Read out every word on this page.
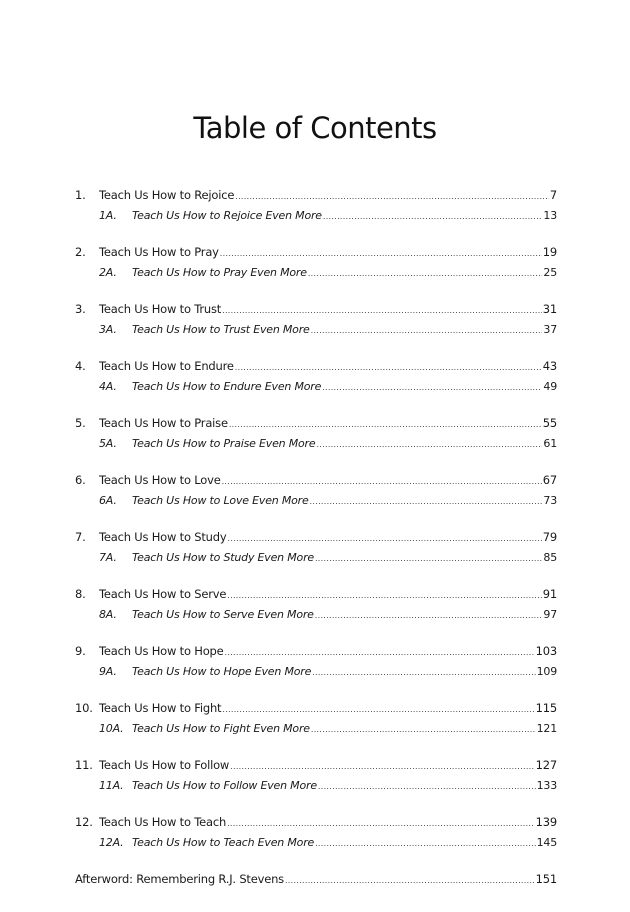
Table of Contents
1.	Teach Us How to Rejoice .....	7
1A.	Teach Us How to Rejoice Even More .....	13
2.	Teach Us How to Pray .....	19
2A.	Teach Us How to Pray Even More .....	25
3.	Teach Us How to Trust .....	31
3A.	Teach Us How to Trust Even More .....	37
4.	Teach Us How to Endure .....	43
4A.	Teach Us How to Endure Even More .....	49
5.	Teach Us How to Praise .....	55
5A.	Teach Us How to Praise Even More .....	61
6.	Teach Us How to Love .....	67
6A.	Teach Us How to Love Even More .....	73
7.	Teach Us How to Study .....	79
7A.	Teach Us How to Study Even More .....	85
8.	Teach Us How to Serve .....	91
8A.	Teach Us How to Serve Even More .....	97
9.	Teach Us How to Hope .....	103
9A.	Teach Us How to Hope Even More .....	109
10. Teach Us How to Fight .....	115
10A. Teach Us How to Fight Even More .....	121
11. Teach Us How to Follow .....	127
11A. Teach Us How to Follow Even More .....	133
12. Teach Us How to Teach .....	139
12A. Teach Us How to Teach Even More .....	145
Afterword: Remembering R.J. Stevens .....	151
